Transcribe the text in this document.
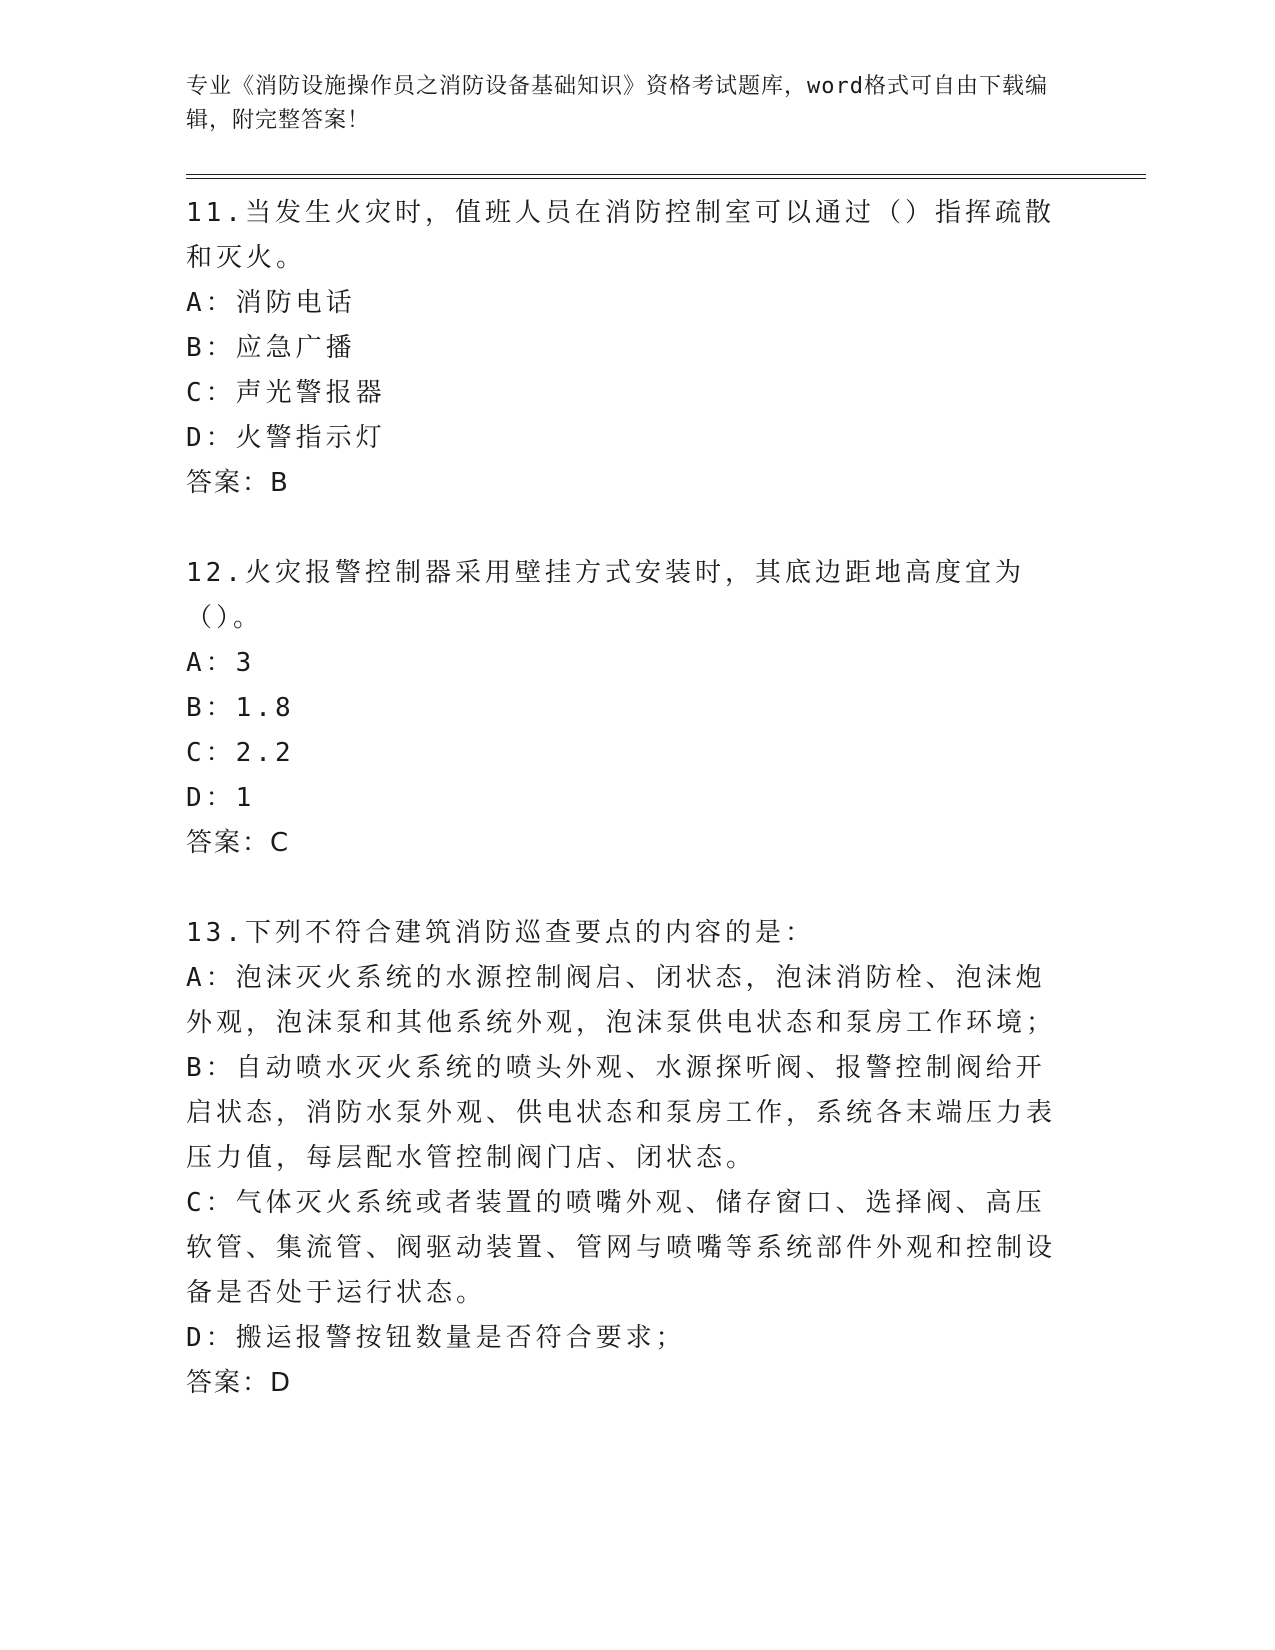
专业《消防设施操作员之消防设备基础知识》资格考试题库，word格式可自由下载编辑，附完整答案！

11.当发生火灾时，值班人员在消防控制室可以通过（）指挥疏散和灭火。

A：消防电话

B：应急广播

C：声光警报器

D：火警指示灯

答案：B

12.火灾报警控制器采用壁挂方式安装时，其底边距地高度宜为（）。

A：3

B：1.8

C：2.2

D：1

答案：C

13.下列不符合建筑消防巡查要点的内容的是：

A：泡沫灭火系统的水源控制阀启、闭状态，泡沫消防栓、泡沫炮外观，泡沫泵和其他系统外观，泡沫泵供电状态和泵房工作环境；

B：自动喷水灭火系统的喷头外观、水源探听阀、报警控制阀给开启状态，消防水泵外观、供电状态和泵房工作，系统各末端压力表压力值，每层配水管控制阀门店、闭状态。

C：气体灭火系统或者装置的喷嘴外观、储存窗口、选择阀、高压软管、集流管、阀驱动装置、管网与喷嘴等系统部件外观和控制设备是否处于运行状态。

D：搬运报警按钮数量是否符合要求；

答案：D
